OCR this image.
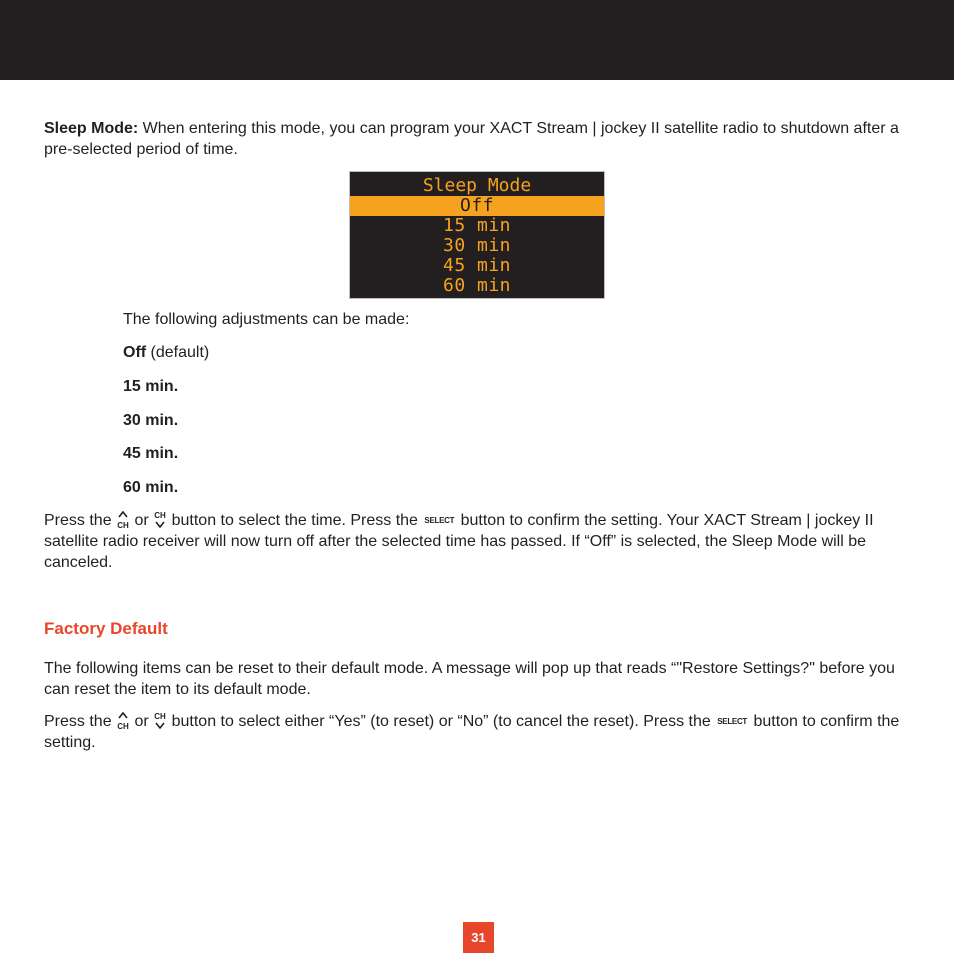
Sleep Mode: When entering this mode, you can program your XACT Stream | jockey II satellite radio to shutdown after a pre-selected period of time.

Sleep Mode
Off
15 min
30 min
45 min
60 min

The following adjustments can be made:

Off (default)

15 min.

30 min.

45 min.

60 min.

Press the CH or CH button to select the time. Press the SELECT button to confirm the setting. Your XACT Stream | jockey II satellite radio receiver will now turn off after the selected time has passed. If “Off” is selected, the Sleep Mode will be canceled.

Factory Default

The following items can be reset to their default mode. A message will pop up that reads “"Restore Settings?" before you can reset the item to its default mode.

Press the CH or CH button to select either “Yes” (to reset) or “No” (to cancel the reset). Press the SELECT button to confirm the setting.

31
